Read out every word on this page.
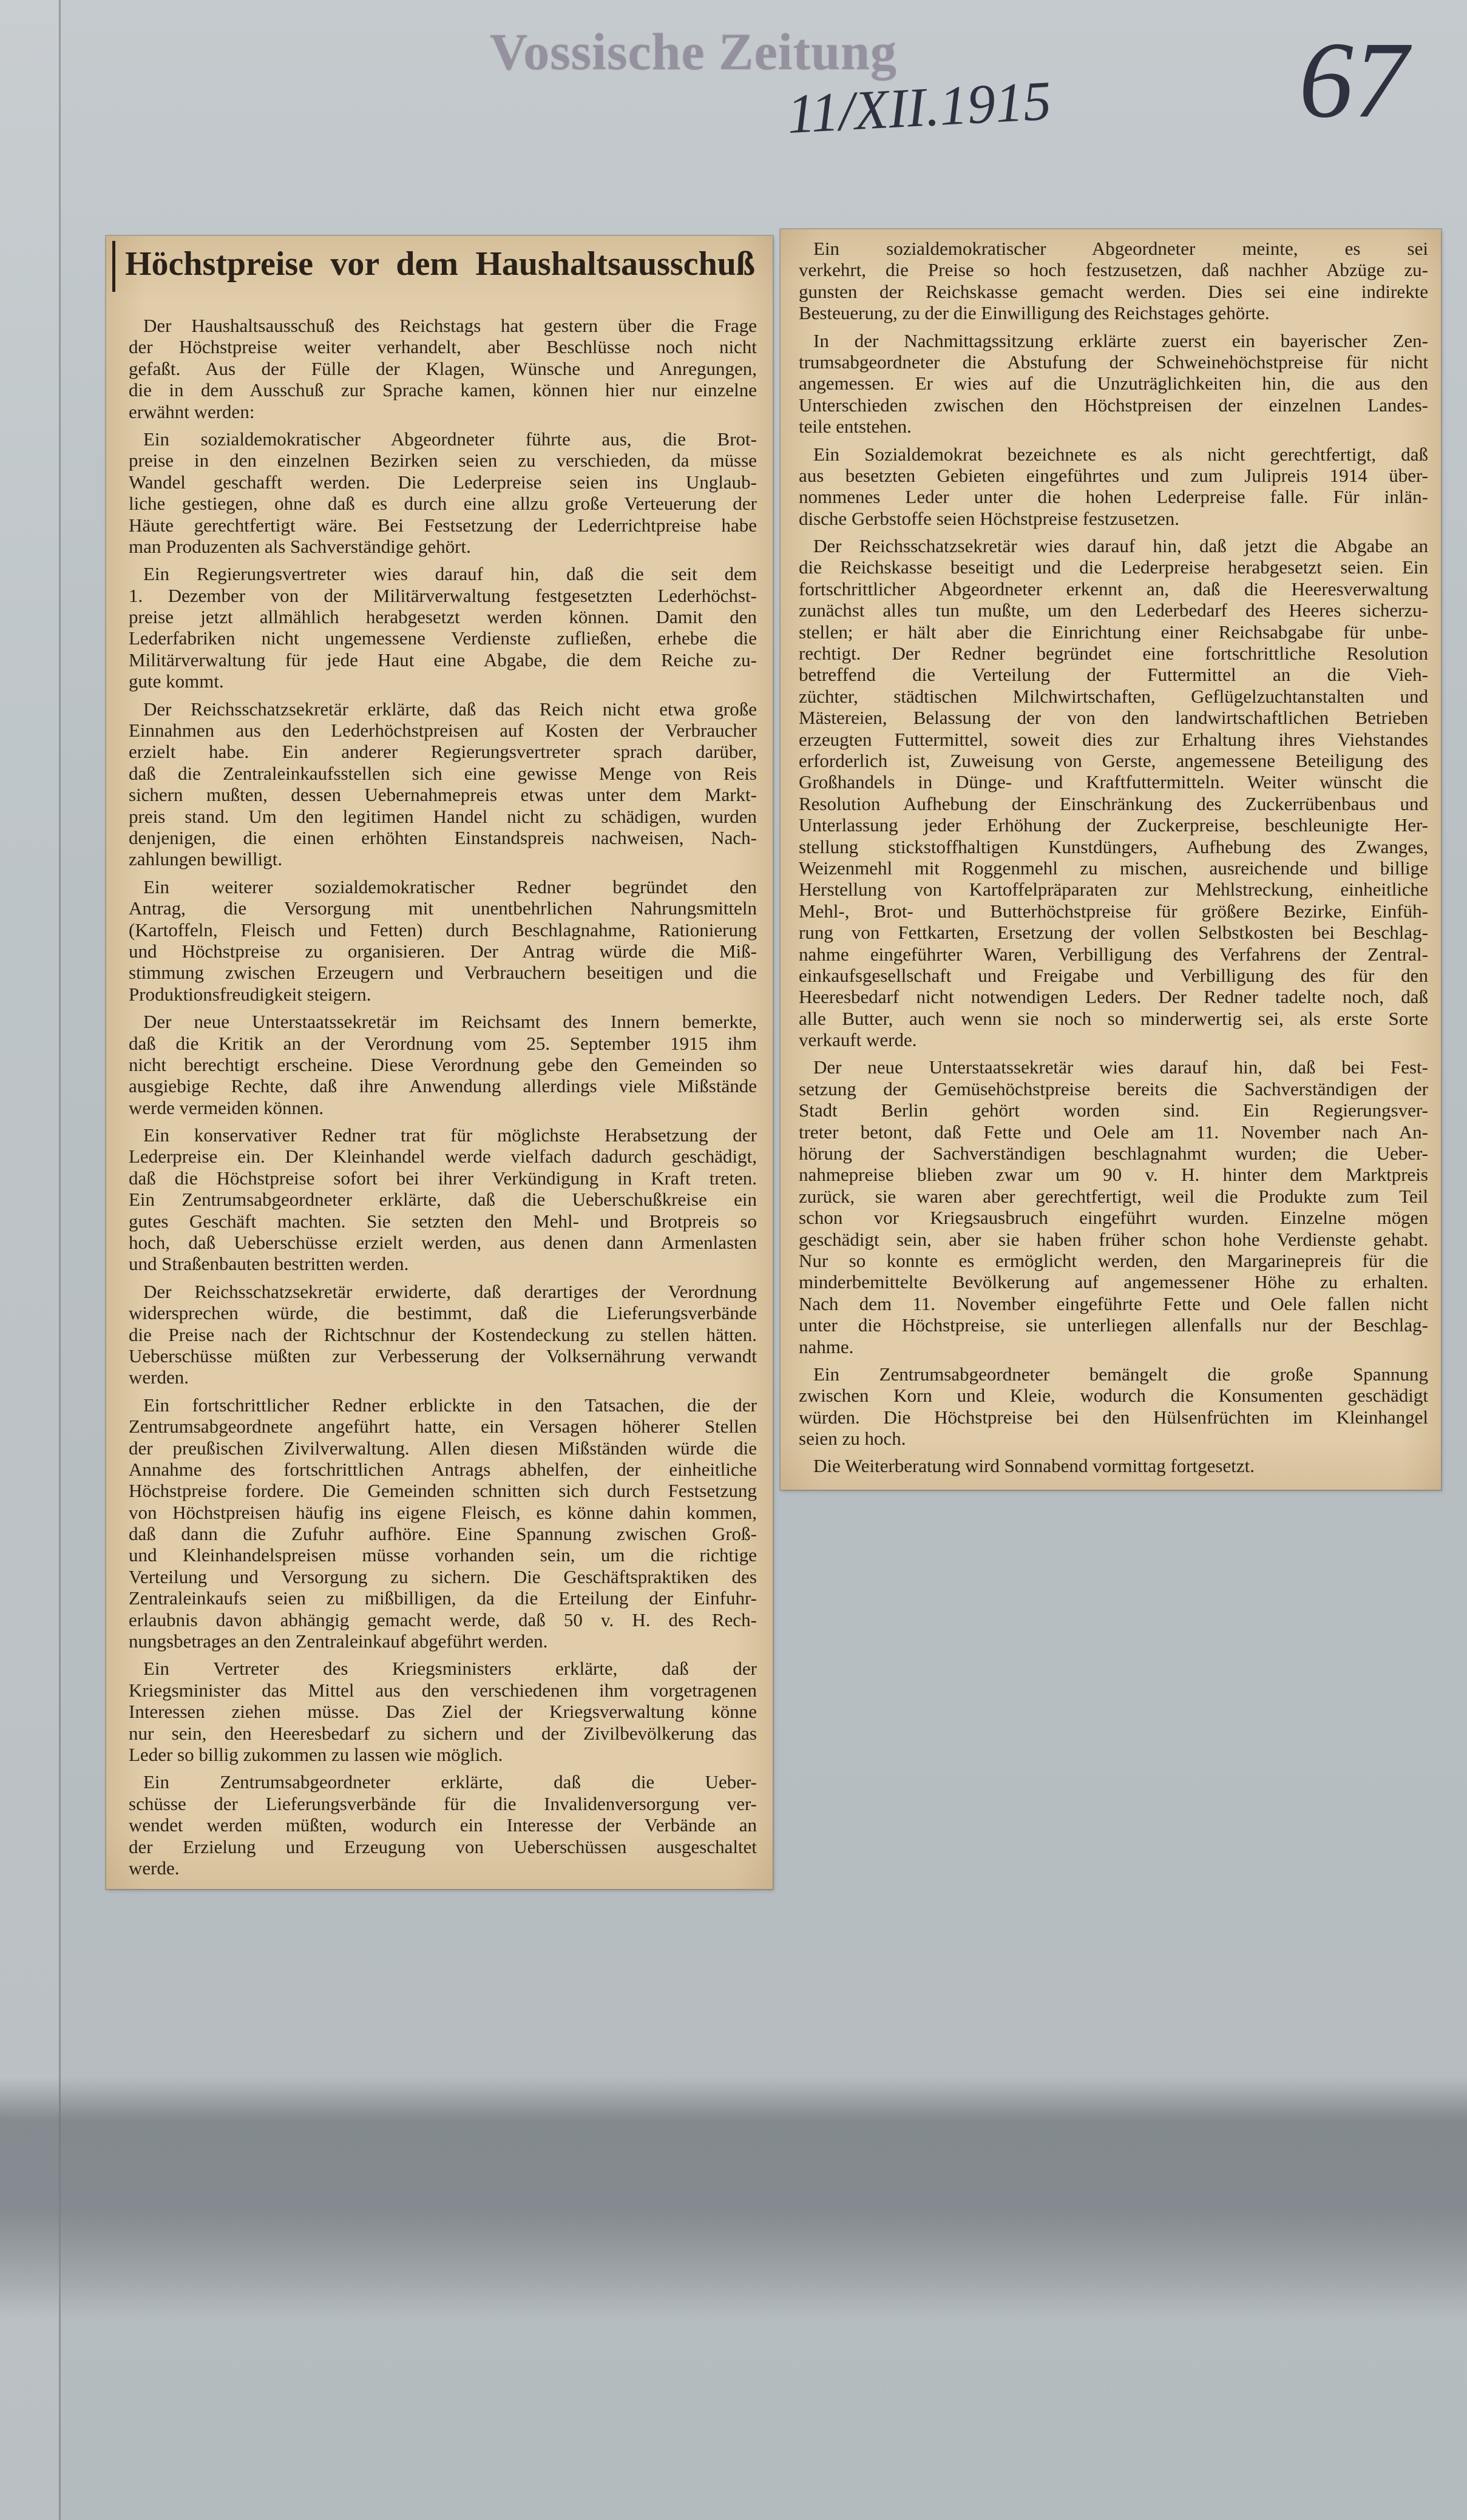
Vossische Zeitung
11/XII.1915 67
Höchstpreise vor dem Haushaltsausschuß
Der Haushaltsausschuß des Reichstags hat gestern über die Frage
der Höchstpreise weiter verhandelt, aber Beschlüsse noch nicht
gefaßt. Aus der Fülle der Klagen, Wünsche und Anregungen,
die in dem Ausschuß zur Sprache kamen, können hier nur einzelne
erwähnt werden:
Ein sozialdemokratischer Abgeordneter führte aus, die Brot-
preise in den einzelnen Bezirken seien zu verschieden, da müsse
Wandel geschafft werden. Die Lederpreise seien ins Unglaub-
liche gestiegen, ohne daß es durch eine allzu große Verteuerung der
Häute gerechtfertigt wäre. Bei Festsetzung der Lederrichtpreise habe
man Produzenten als Sachverständige gehört.
Ein Regierungsvertreter wies darauf hin, daß die seit dem
1. Dezember von der Militärverwaltung festgesetzten Lederhöchst-
preise jetzt allmählich herabgesetzt werden können. Damit den
Lederfabriken nicht ungemessene Verdienste zufließen, erhebe die
Militärverwaltung für jede Haut eine Abgabe, die dem Reiche zu-
gute kommt.
Der Reichsschatzsekretär erklärte, daß das Reich nicht etwa große
Einnahmen aus den Lederhöchstpreisen auf Kosten der Verbraucher
erzielt habe. Ein anderer Regierungsvertreter sprach darüber,
daß die Zentraleinkaufsstellen sich eine gewisse Menge von Reis
sichern mußten, dessen Uebernahmepreis etwas unter dem Markt-
preis stand. Um den legitimen Handel nicht zu schädigen, wurden
denjenigen, die einen erhöhten Einstandspreis nachweisen, Nach-
zahlungen bewilligt.
Ein weiterer sozialdemokratischer Redner begründet den
Antrag, die Versorgung mit unentbehrlichen Nahrungsmitteln
(Kartoffeln, Fleisch und Fetten) durch Beschlagnahme, Rationierung
und Höchstpreise zu organisieren. Der Antrag würde die Miß-
stimmung zwischen Erzeugern und Verbrauchern beseitigen und die
Produktionsfreudigkeit steigern.
Der neue Unterstaatssekretär im Reichsamt des Innern bemerkte,
daß die Kritik an der Verordnung vom 25. September 1915 ihm
nicht berechtigt erscheine. Diese Verordnung gebe den Gemeinden so
ausgiebige Rechte, daß ihre Anwendung allerdings viele Mißstände
werde vermeiden können.
Ein konservativer Redner trat für möglichste Herabsetzung der
Lederpreise ein. Der Kleinhandel werde vielfach dadurch geschädigt,
daß die Höchstpreise sofort bei ihrer Verkündigung in Kraft treten.
Ein Zentrumsabgeordneter erklärte, daß die Ueberschußkreise ein
gutes Geschäft machten. Sie setzten den Mehl- und Brotpreis so
hoch, daß Ueberschüsse erzielt werden, aus denen dann Armenlasten
und Straßenbauten bestritten werden.
Der Reichsschatzsekretär erwiderte, daß derartiges der Verordnung
widersprechen würde, die bestimmt, daß die Lieferungsverbände
die Preise nach der Richtschnur der Kostendeckung zu stellen hätten.
Ueberschüsse müßten zur Verbesserung der Volksernährung verwandt
werden.
Ein fortschrittlicher Redner erblickte in den Tatsachen, die der
Zentrumsabgeordnete angeführt hatte, ein Versagen höherer Stellen
der preußischen Zivilverwaltung. Allen diesen Mißständen würde die
Annahme des fortschrittlichen Antrags abhelfen, der einheitliche
Höchstpreise fordere. Die Gemeinden schnitten sich durch Festsetzung
von Höchstpreisen häufig ins eigene Fleisch, es könne dahin kommen,
daß dann die Zufuhr aufhöre. Eine Spannung zwischen Groß-
und Kleinhandelspreisen müsse vorhanden sein, um die richtige
Verteilung und Versorgung zu sichern. Die Geschäftspraktiken des
Zentraleinkaufs seien zu mißbilligen, da die Erteilung der Einfuhr-
erlaubnis davon abhängig gemacht werde, daß 50 v. H. des Rech-
nungsbetrages an den Zentraleinkauf abgeführt werden.
Ein Vertreter des Kriegsministers erklärte, daß der
Kriegsminister das Mittel aus den verschiedenen ihm vorgetragenen
Interessen ziehen müsse. Das Ziel der Kriegsverwaltung könne
nur sein, den Heeresbedarf zu sichern und der Zivilbevölkerung das
Leder so billig zukommen zu lassen wie möglich.
Ein Zentrumsabgeordneter erklärte, daß die Ueber-
schüsse der Lieferungsverbände für die Invalidenversorgung ver-
wendet werden müßten, wodurch ein Interesse der Verbände an
der Erzielung und Erzeugung von Ueberschüssen ausgeschaltet
werde.
Ein sozialdemokratischer Abgeordneter meinte, es sei
verkehrt, die Preise so hoch festzusetzen, daß nachher Abzüge zu-
gunsten der Reichskasse gemacht werden. Dies sei eine indirekte
Besteuerung, zu der die Einwilligung des Reichstages gehörte.
In der Nachmittagssitzung erklärte zuerst ein bayerischer Zen-
trumsabgeordneter die Abstufung der Schweinehöchstpreise für nicht
angemessen. Er wies auf die Unzuträglichkeiten hin, die aus den
Unterschieden zwischen den Höchstpreisen der einzelnen Landes-
teile entstehen.
Ein Sozialdemokrat bezeichnete es als nicht gerechtfertigt, daß
aus besetzten Gebieten eingeführtes und zum Julipreis 1914 über-
nommenes Leder unter die hohen Lederpreise falle. Für inlän-
dische Gerbstoffe seien Höchstpreise festzusetzen.
Der Reichsschatzsekretär wies darauf hin, daß jetzt die Abgabe an
die Reichskasse beseitigt und die Lederpreise herabgesetzt seien. Ein
fortschrittlicher Abgeordneter erkennt an, daß die Heeresverwaltung
zunächst alles tun mußte, um den Lederbedarf des Heeres sicherzu-
stellen; er hält aber die Einrichtung einer Reichsabgabe für unbe-
rechtigt. Der Redner begründet eine fortschrittliche Resolution
betreffend die Verteilung der Futtermittel an die Vieh-
züchter, städtischen Milchwirtschaften, Geflügelzuchtanstalten und
Mästereien, Belassung der von den landwirtschaftlichen Betrieben
erzeugten Futtermittel, soweit dies zur Erhaltung ihres Viehstandes
erforderlich ist, Zuweisung von Gerste, angemessene Beteiligung des
Großhandels in Dünge- und Kraftfuttermitteln. Weiter wünscht die
Resolution Aufhebung der Einschränkung des Zuckerrübenbaus und
Unterlassung jeder Erhöhung der Zuckerpreise, beschleunigte Her-
stellung stickstoffhaltigen Kunstdüngers, Aufhebung des Zwanges,
Weizenmehl mit Roggenmehl zu mischen, ausreichende und billige
Herstellung von Kartoffelpräparaten zur Mehlstreckung, einheitliche
Mehl-, Brot- und Butterhöchstpreise für größere Bezirke, Einfüh-
rung von Fettkarten, Ersetzung der vollen Selbstkosten bei Beschlag-
nahme eingeführter Waren, Verbilligung des Verfahrens der Zentral-
einkaufsgesellschaft und Freigabe und Verbilligung des für den
Heeresbedarf nicht notwendigen Leders. Der Redner tadelte noch, daß
alle Butter, auch wenn sie noch so minderwertig sei, als erste Sorte
verkauft werde.
Der neue Unterstaatssekretär wies darauf hin, daß bei Fest-
setzung der Gemüsehöchstpreise bereits die Sachverständigen der
Stadt Berlin gehört worden sind. Ein Regierungsver-
treter betont, daß Fette und Oele am 11. November nach An-
hörung der Sachverständigen beschlagnahmt wurden; die Ueber-
nahmepreise blieben zwar um 90 v. H. hinter dem Marktpreis
zurück, sie waren aber gerechtfertigt, weil die Produkte zum Teil
schon vor Kriegsausbruch eingeführt wurden. Einzelne mögen
geschädigt sein, aber sie haben früher schon hohe Verdienste gehabt.
Nur so konnte es ermöglicht werden, den Margarinepreis für die
minderbemittelte Bevölkerung auf angemessener Höhe zu erhalten.
Nach dem 11. November eingeführte Fette und Oele fallen nicht
unter die Höchstpreise, sie unterliegen allenfalls nur der Beschlag-
nahme.
Ein Zentrumsabgeordneter bemängelt die große Spannung
zwischen Korn und Kleie, wodurch die Konsumenten geschädigt
würden. Die Höchstpreise bei den Hülsenfrüchten im Kleinhangel
seien zu hoch.
Die Weiterberatung wird Sonnabend vormittag fortgesetzt.
